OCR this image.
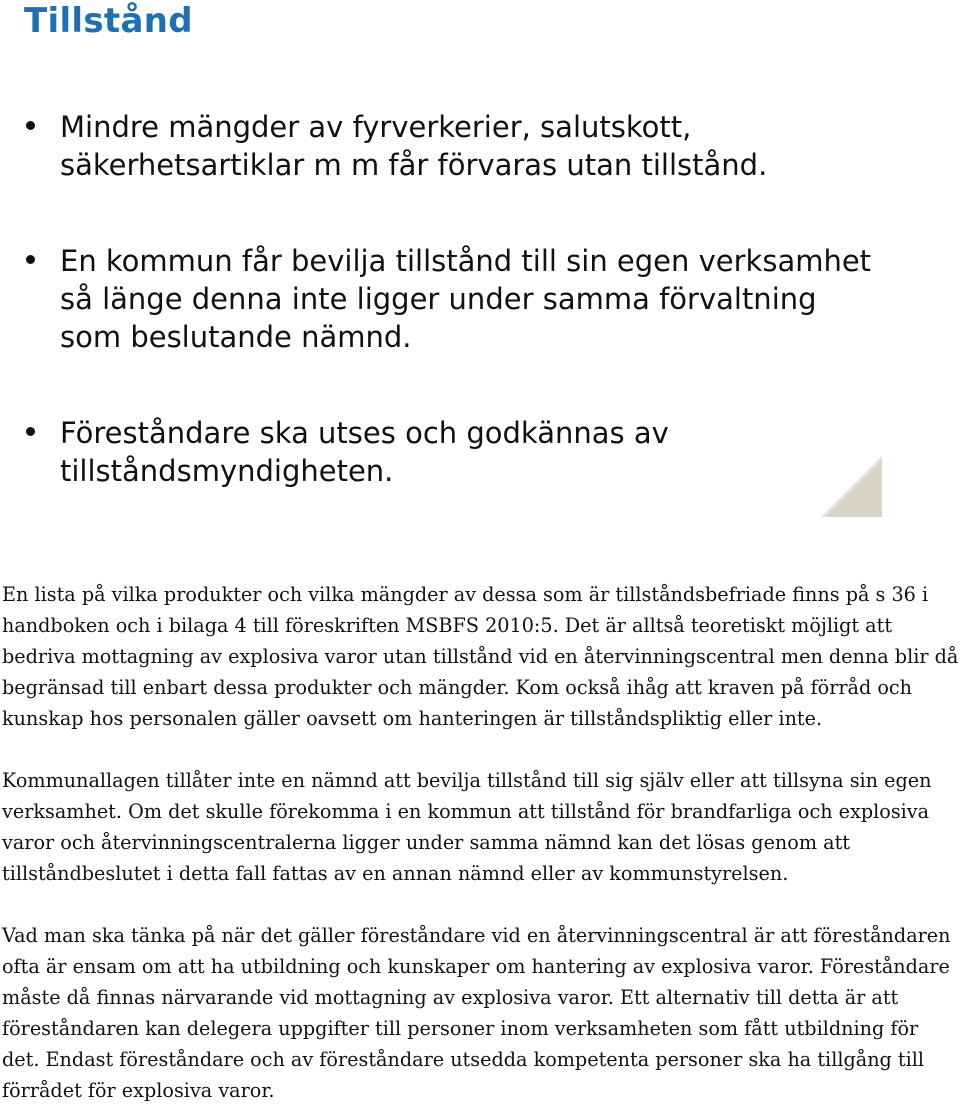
Tillstånd
Mindre mängder av fyrverkerier, salutskott, säkerhetsartiklar m m får förvaras utan tillstånd.
En kommun får bevilja tillstånd till sin egen verksamhet så länge denna inte ligger under samma förvaltning som beslutande nämnd.
Föreståndare ska utses och godkännas av tillståndsmyndigheten.

En lista på vilka produkter och vilka mängder av dessa som är tillståndsbefriade finns på s 36 i handboken och i bilaga 4 till föreskriften MSBFS 2010:5. Det är alltså teoretiskt möjligt att bedriva mottagning av explosiva varor utan tillstånd vid en återvinningscentral men denna blir då begränsad till enbart dessa produkter och mängder. Kom också ihåg att kraven på förråd och kunskap hos personalen gäller oavsett om hanteringen är tillståndspliktig eller inte.

Kommunallagen tillåter inte en nämnd att bevilja tillstånd till sig själv eller att tillsyna sin egen verksamhet. Om det skulle förekomma i en kommun att tillstånd för brandfarliga och explosiva varor och återvinningscentralerna ligger under samma nämnd kan det lösas genom att tillståndbeslutet i detta fall fattas av en annan nämnd eller av kommunstyrelsen.

Vad man ska tänka på när det gäller föreståndare vid en återvinningscentral är att föreståndaren ofta är ensam om att ha utbildning och kunskaper om hantering av explosiva varor. Föreståndare måste då finnas närvarande vid mottagning av explosiva varor. Ett alternativ till detta är att föreståndaren kan delegera uppgifter till personer inom verksamheten som fått utbildning för det. Endast föreståndare och av föreståndare utsedda kompetenta personer ska ha tillgång till förrådet för explosiva varor.
